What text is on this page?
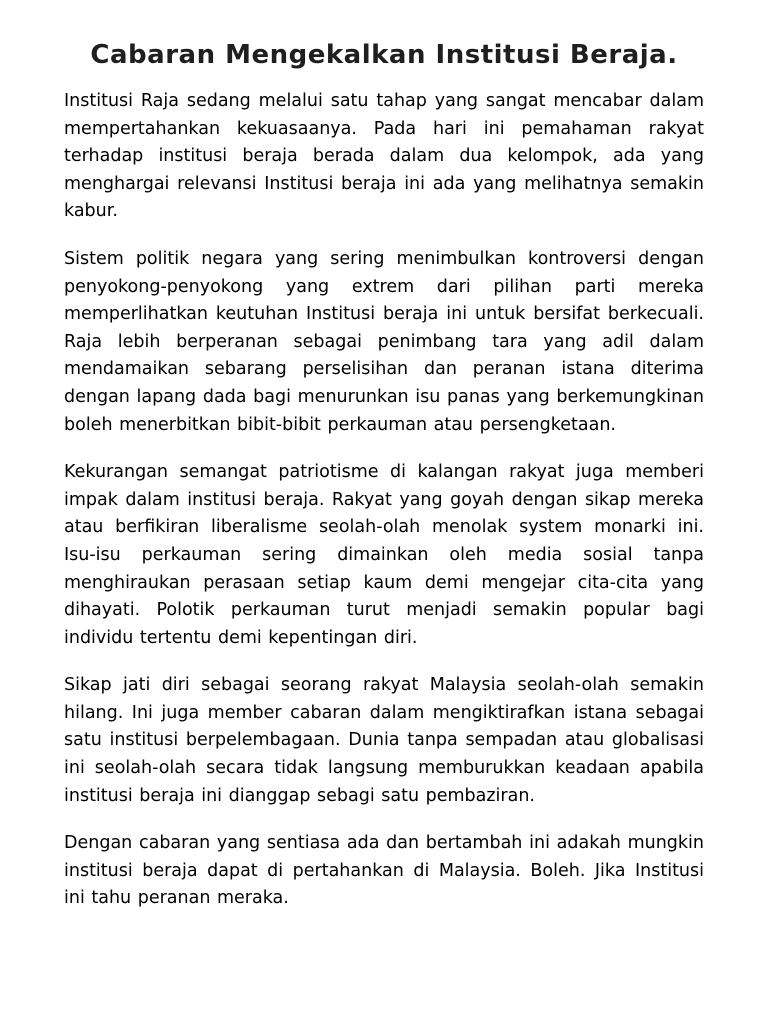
Cabaran Mengekalkan Institusi Beraja.

Institusi Raja sedang melalui satu tahap yang sangat mencabar dalam mempertahankan kekuasaanya. Pada hari ini pemahaman rakyat terhadap institusi beraja berada dalam dua kelompok, ada yang menghargai relevansi Institusi beraja ini ada yang melihatnya semakin kabur.

Sistem politik negara yang sering menimbulkan kontroversi dengan penyokong-penyokong yang extrem dari pilihan parti mereka memperlihatkan keutuhan Institusi beraja ini untuk bersifat berkecuali. Raja lebih berperanan sebagai penimbang tara yang adil dalam mendamaikan sebarang perselisihan dan peranan istana diterima dengan lapang dada bagi menurunkan isu panas yang berkemungkinan boleh menerbitkan bibit-bibit perkauman atau persengketaan.

Kekurangan semangat patriotisme di kalangan rakyat juga memberi impak dalam institusi beraja. Rakyat yang goyah dengan sikap mereka atau berfikiran liberalisme seolah-olah menolak system monarki ini. Isu-isu perkauman sering dimainkan oleh media sosial tanpa menghiraukan perasaan setiap kaum demi mengejar cita-cita yang dihayati. Polotik perkauman turut menjadi semakin popular bagi individu tertentu demi kepentingan diri.

Sikap jati diri sebagai seorang rakyat Malaysia seolah-olah semakin hilang. Ini juga member cabaran dalam mengiktirafkan istana sebagai satu institusi berpelembagaan. Dunia tanpa sempadan atau globalisasi ini seolah-olah secara tidak langsung memburukkan keadaan apabila institusi beraja ini dianggap sebagi satu pembaziran.

Dengan cabaran yang sentiasa ada dan bertambah ini adakah mungkin institusi beraja dapat di pertahankan di Malaysia. Boleh. Jika Institusi ini tahu peranan meraka.
